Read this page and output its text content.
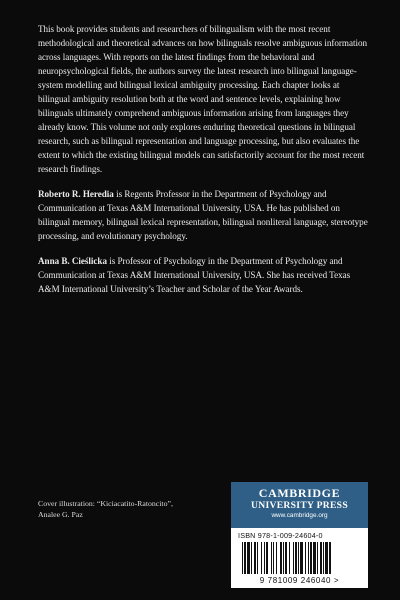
This book provides students and researchers of bilingualism with the most recent methodological and theoretical advances on how bilinguals resolve ambiguous information across languages. With reports on the latest findings from the behavioral and neuropsychological fields, the authors survey the latest research into bilingual language-system modelling and bilingual lexical ambiguity processing. Each chapter looks at bilingual ambiguity resolution both at the word and sentence levels, explaining how bilinguals ultimately comprehend ambiguous information arising from languages they already know. This volume not only explores enduring theoretical questions in bilingual research, such as bilingual representation and language processing, but also evaluates the extent to which the existing bilingual models can satisfactorily account for the most recent research findings.

Roberto R. Heredia is Regents Professor in the Department of Psychology and Communication at Texas A&M International University, USA. He has published on bilingual memory, bilingual lexical representation, bilingual nonliteral language, stereotype processing, and evolutionary psychology.

Anna B. Cieślicka is Professor of Psychology in the Department of Psychology and Communication at Texas A&M International University, USA. She has received Texas A&M International University’s Teacher and Scholar of the Year Awards.

Cover illustration: “Kiciacatito-Ratoncito”,
Analee G. Paz
CAMBRIDGE
UNIVERSITY PRESS
www.cambridge.org
ISBN 978-1-009-24604-0
9 781009 246040 >
